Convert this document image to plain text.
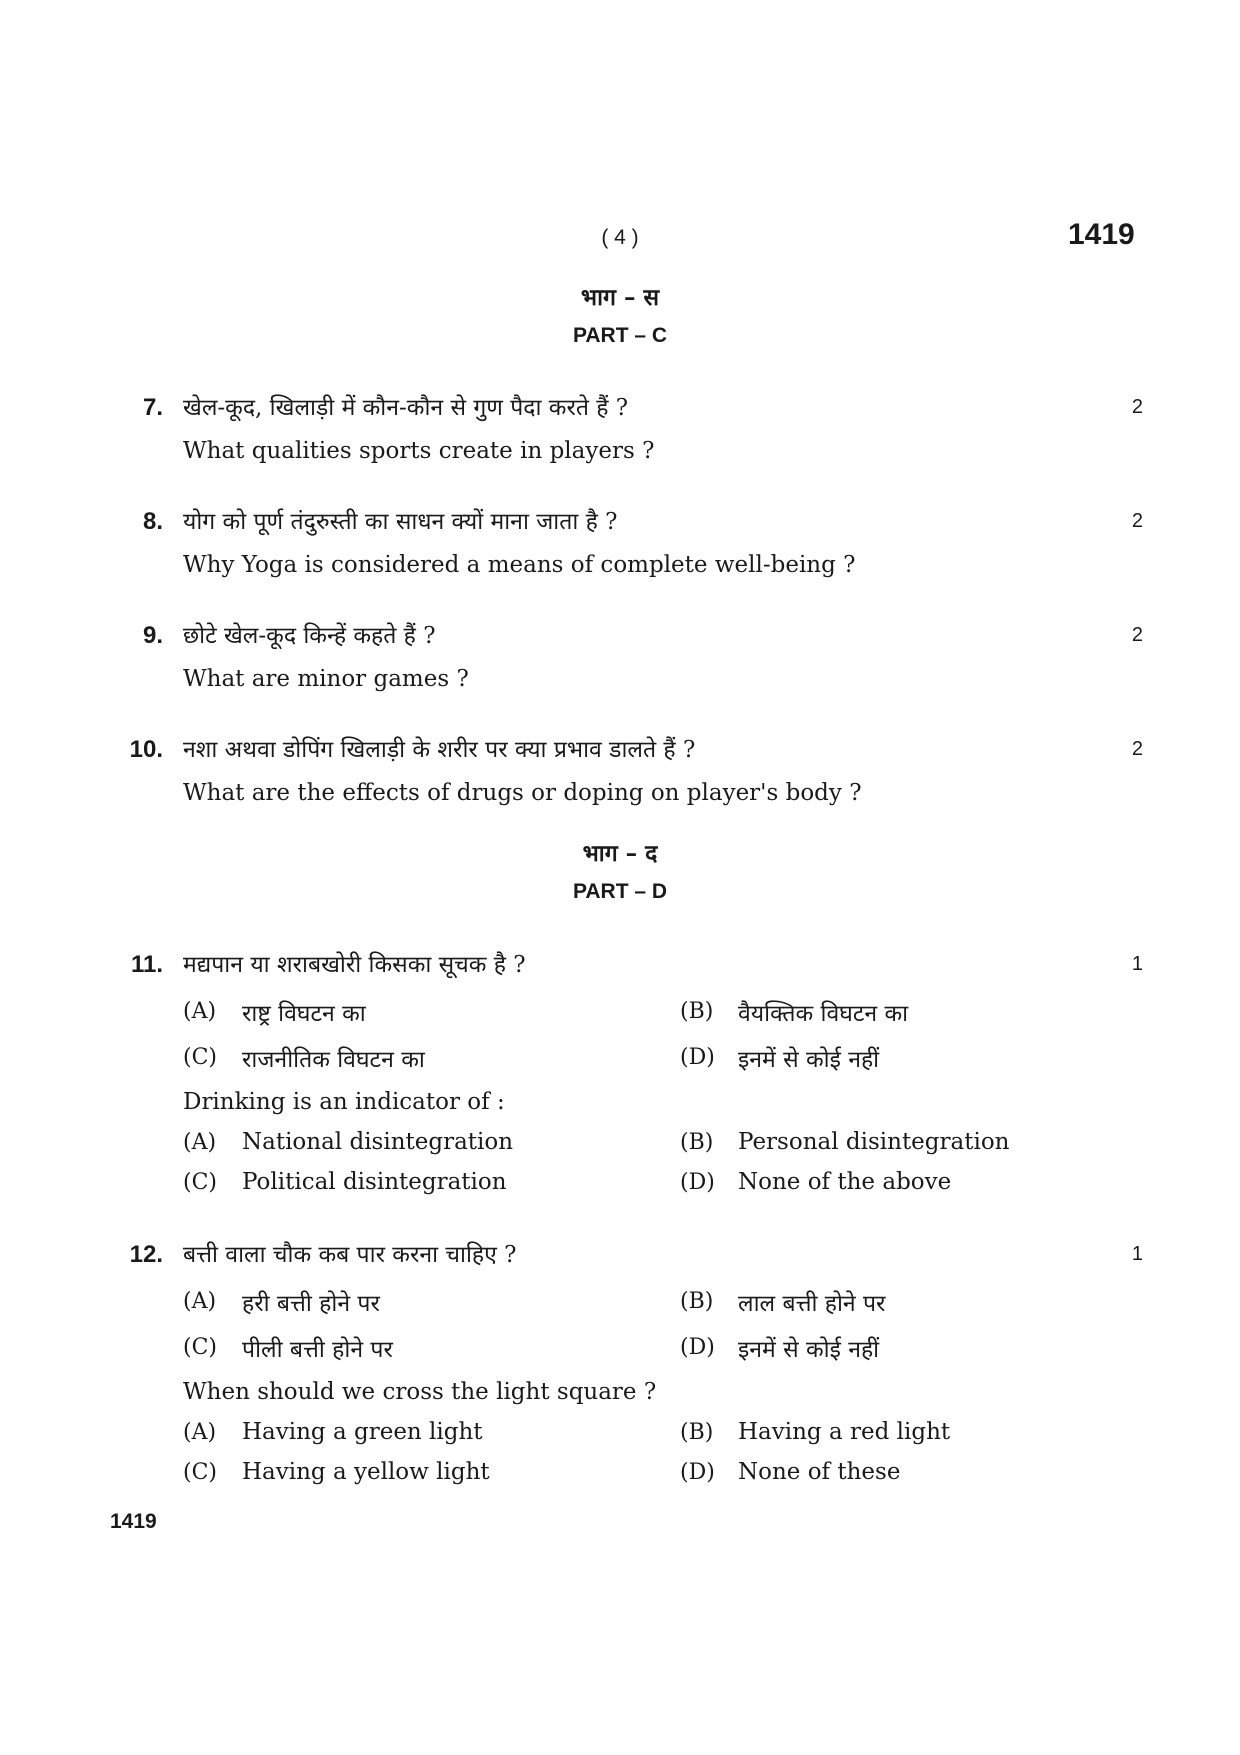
( 4 )	1419
भाग – स
PART – C
7. खेल-कूद, खिलाड़ी में कौन-कौन से गुण पैदा करते हैं ?	2
What qualities sports create in players ?
8. योग को पूर्ण तंदुरुस्ती का साधन क्यों माना जाता है ?	2
Why Yoga is considered a means of complete well-being ?
9. छोटे खेल-कूद किन्हें कहते हैं ?	2
What are minor games ?
10. नशा अथवा डोपिंग खिलाड़ी के शरीर पर क्या प्रभाव डालते हैं ?	2
What are the effects of drugs or doping on player's body ?
भाग – द
PART – D
11. मद्यपान या शराबखोरी किसका सूचक है ?	1
(A) राष्ट्र विघटन का	(B) वैयक्तिक विघटन का
(C) राजनीतिक विघटन का	(D) इनमें से कोई नहीं
Drinking is an indicator of :
(A) National disintegration	(B) Personal disintegration
(C) Political disintegration	(D) None of the above
12. बत्ती वाला चौक कब पार करना चाहिए ?	1
(A) हरी बत्ती होने पर	(B) लाल बत्ती होने पर
(C) पीली बत्ती होने पर	(D) इनमें से कोई नहीं
When should we cross the light square ?
(A) Having a green light	(B) Having a red light
(C) Having a yellow light	(D) None of these
1419
